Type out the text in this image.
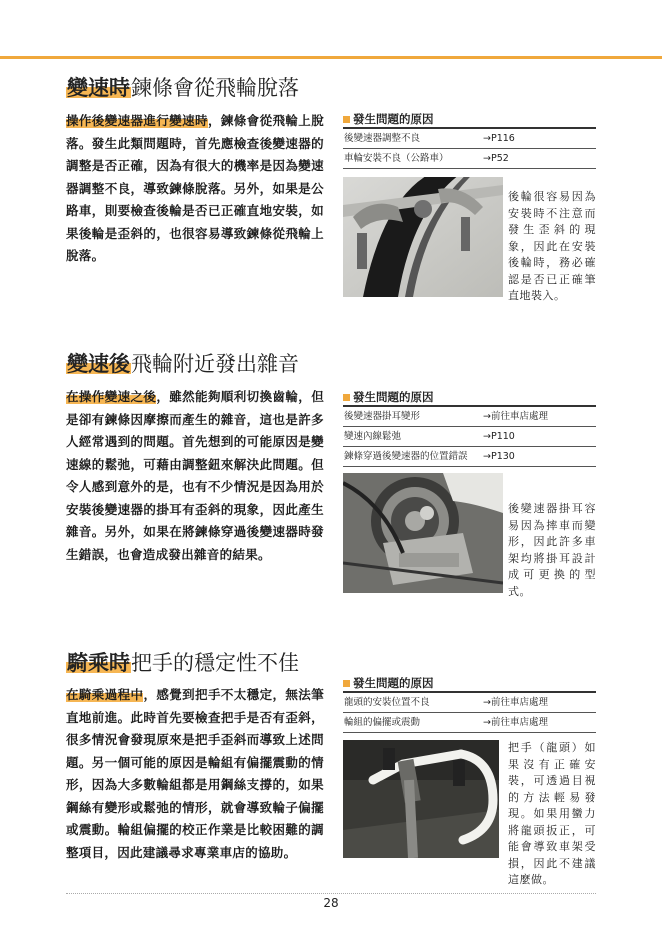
變速時鍊條會從飛輪脫落
操作後變速器進行變速時，鍊條會從飛輪上脫落。發生此類問題時，首先應檢查後變速器的調整是否正確，因為有很大的機率是因為變速器調整不良，導致鍊條脫落。另外，如果是公路車，則要檢查後輪是否已正確直地安裝，如果後輪是歪斜的，也很容易導致鍊條從飛輪上脫落。
發生問題的原因
後變速器調整不良	→P116
車輪安裝不良（公路車）	→P52
後輪很容易因為安裝時不注意而發生歪斜的現象，因此在安裝後輪時，務必確認是否已正確筆直地裝入。
變速後飛輪附近發出雜音
在操作變速之後，雖然能夠順利切換齒輪，但是卻有鍊條因摩擦而產生的雜音，這也是許多人經常遇到的問題。首先想到的可能原因是變速線的鬆弛，可藉由調整鈕來解決此問題。但令人感到意外的是，也有不少情況是因為用於安裝後變速器的掛耳有歪斜的現象，因此產生雜音。另外，如果在將鍊條穿過後變速器時發生錯誤，也會造成發出雜音的結果。
發生問題的原因
後變速器掛耳變形	→前往車店處理
變速內線鬆弛	→P110
鍊條穿過後變速器的位置錯誤 →P130
後變速器掛耳容易因為摔車而變形，因此許多車架均將掛耳設計成可更換的型式。
騎乘時把手的穩定性不佳
在騎乘過程中，感覺到把手不太穩定，無法筆直地前進。此時首先要檢查把手是否有歪斜，很多情況會發現原來是把手歪斜而導致上述問題。另一個可能的原因是輪組有偏擺震動的情形，因為大多數輪組都是用鋼絲支撐的，如果鋼絲有變形或鬆弛的情形，就會導致輪子偏擺或震動。輪組偏擺的校正作業是比較困難的調整項目，因此建議尋求專業車店的協助。
發生問題的原因
龍頭的安裝位置不良	→前往車店處理
輪組的偏擺或震動	→前往車店處理
把手（龍頭）如果沒有正確安裝，可透過目視的方法輕易發現。如果用蠻力將龍頭扳正，可能會導致車架受損，因此不建議這麼做。
28
